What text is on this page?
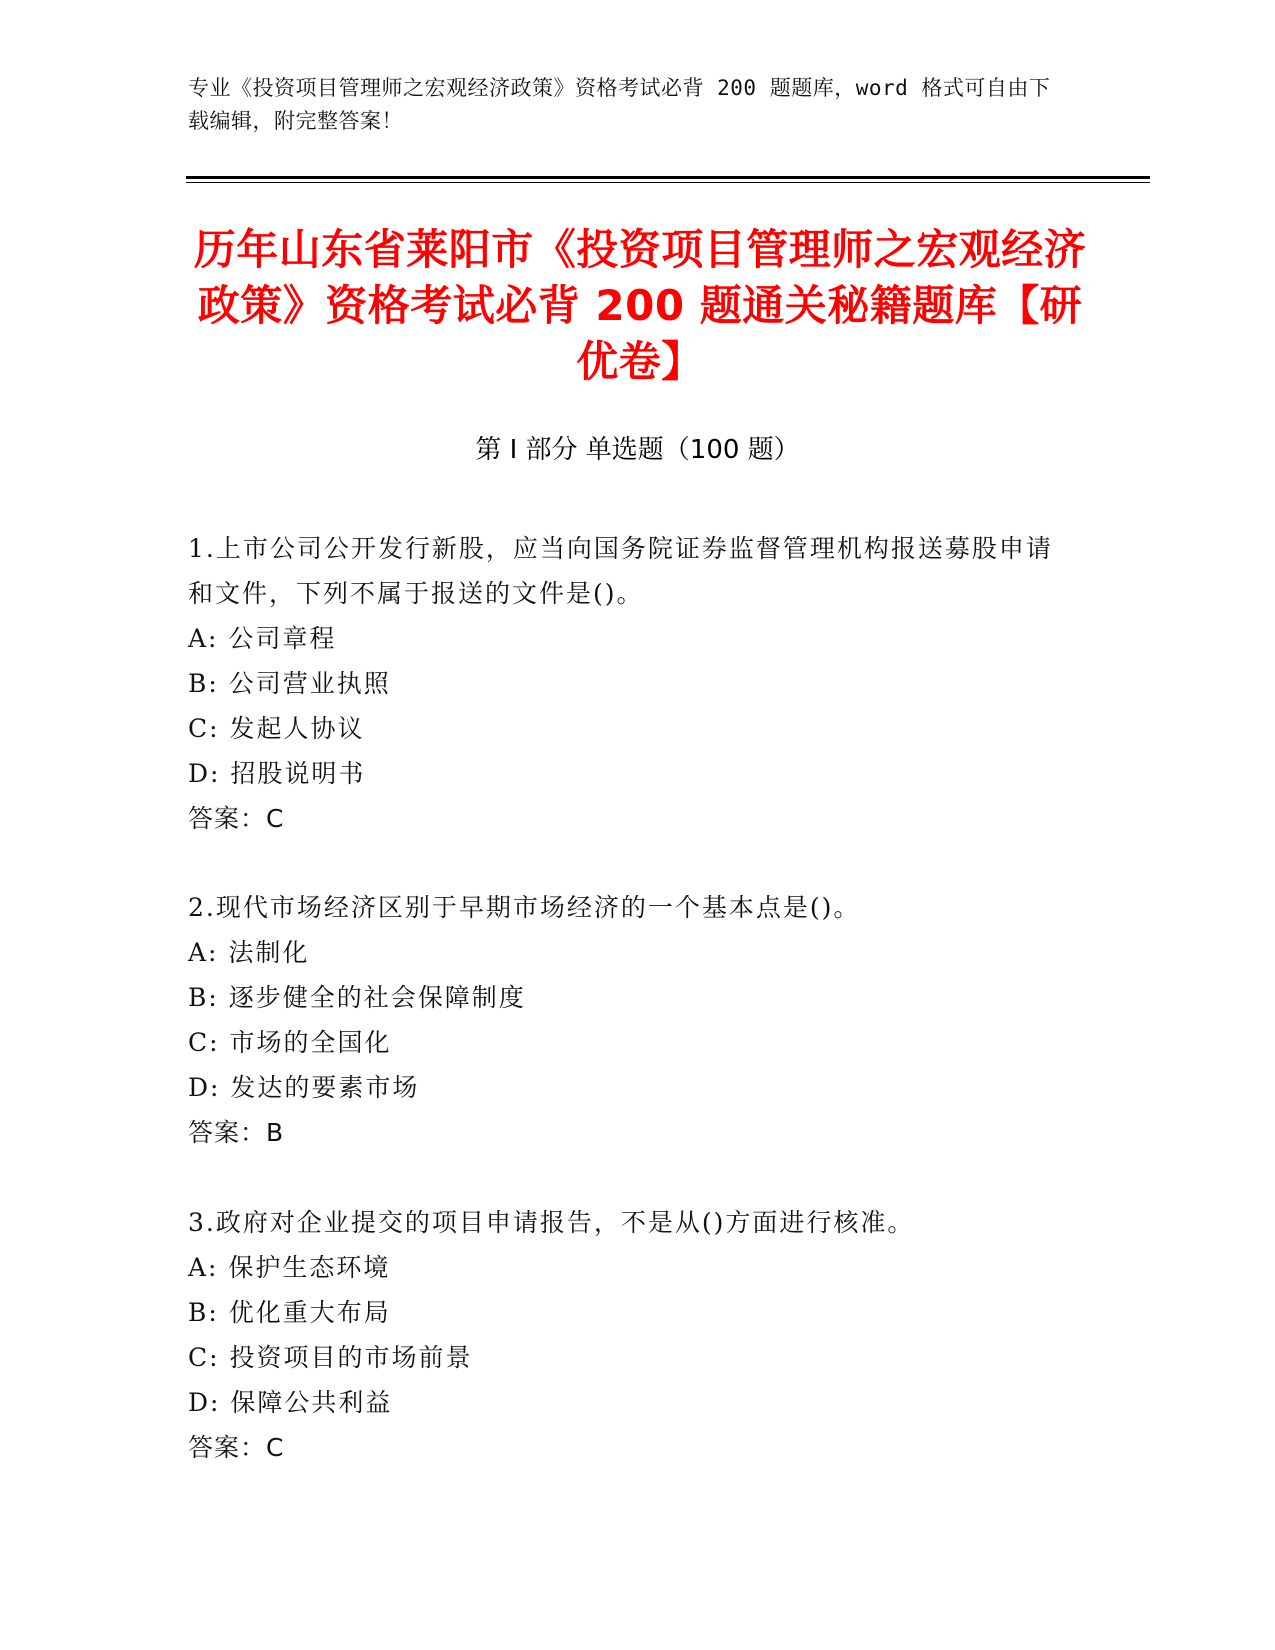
专业《投资项目管理师之宏观经济政策》资格考试必背 200 题题库，word 格式可自由下载编辑，附完整答案！
历年山东省莱阳市《投资项目管理师之宏观经济政策》资格考试必背 200 题通关秘籍题库【研优卷】
第 I 部分 单选题（100 题）
1.上市公司公开发行新股，应当向国务院证券监督管理机构报送募股申请和文件，下列不属于报送的文件是()。
A: 公司章程
B: 公司营业执照
C: 发起人协议
D: 招股说明书
答案：C
2.现代市场经济区别于早期市场经济的一个基本点是()。
A: 法制化
B: 逐步健全的社会保障制度
C: 市场的全国化
D: 发达的要素市场
答案：B
3.政府对企业提交的项目申请报告，不是从()方面进行核准。
A: 保护生态环境
B: 优化重大布局
C: 投资项目的市场前景
D: 保障公共利益
答案：C
